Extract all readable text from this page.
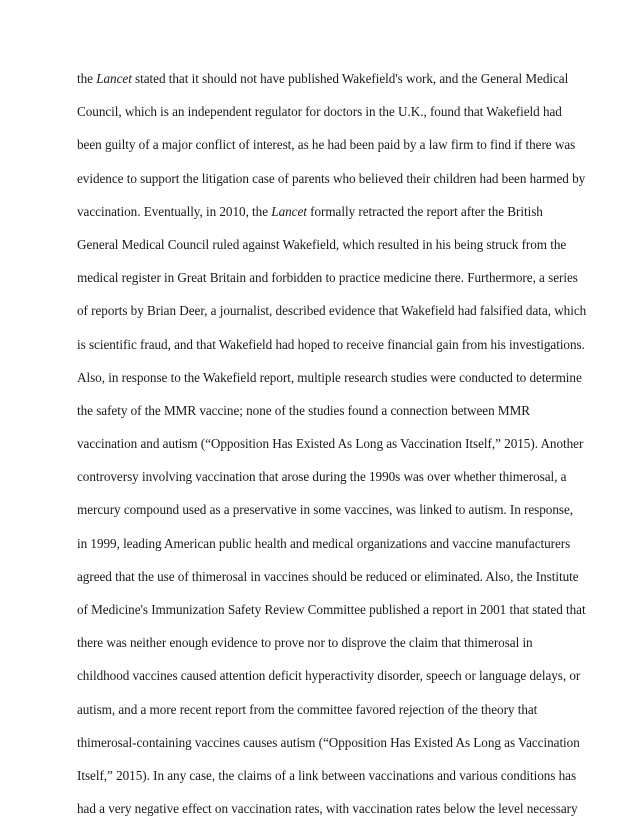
the Lancet stated that it should not have published Wakefield's work, and the General Medical
Council, which is an independent regulator for doctors in the U.K., found that Wakefield had
been guilty of a major conflict of interest, as he had been paid by a law firm to find if there was
evidence to support the litigation case of parents who believed their children had been harmed by
vaccination. Eventually, in 2010, the Lancet formally retracted the report after the British
General Medical Council ruled against Wakefield, which resulted in his being struck from the
medical register in Great Britain and forbidden to practice medicine there. Furthermore, a series
of reports by Brian Deer, a journalist, described evidence that Wakefield had falsified data, which
is scientific fraud, and that Wakefield had hoped to receive financial gain from his investigations.
Also, in response to the Wakefield report, multiple research studies were conducted to determine
the safety of the MMR vaccine; none of the studies found a connection between MMR
vaccination and autism (“Opposition Has Existed As Long as Vaccination Itself,” 2015). Another
controversy involving vaccination that arose during the 1990s was over whether thimerosal, a
mercury compound used as a preservative in some vaccines, was linked to autism. In response,
in 1999, leading American public health and medical organizations and vaccine manufacturers
agreed that the use of thimerosal in vaccines should be reduced or eliminated. Also, the Institute
of Medicine's Immunization Safety Review Committee published a report in 2001 that stated that
there was neither enough evidence to prove nor to disprove the claim that thimerosal in
childhood vaccines caused attention deficit hyperactivity disorder, speech or language delays, or
autism, and a more recent report from the committee favored rejection of the theory that
thimerosal-containing vaccines causes autism (“Opposition Has Existed As Long as Vaccination
Itself,” 2015). In any case, the claims of a link between vaccinations and various conditions has
had a very negative effect on vaccination rates, with vaccination rates below the level necessary
